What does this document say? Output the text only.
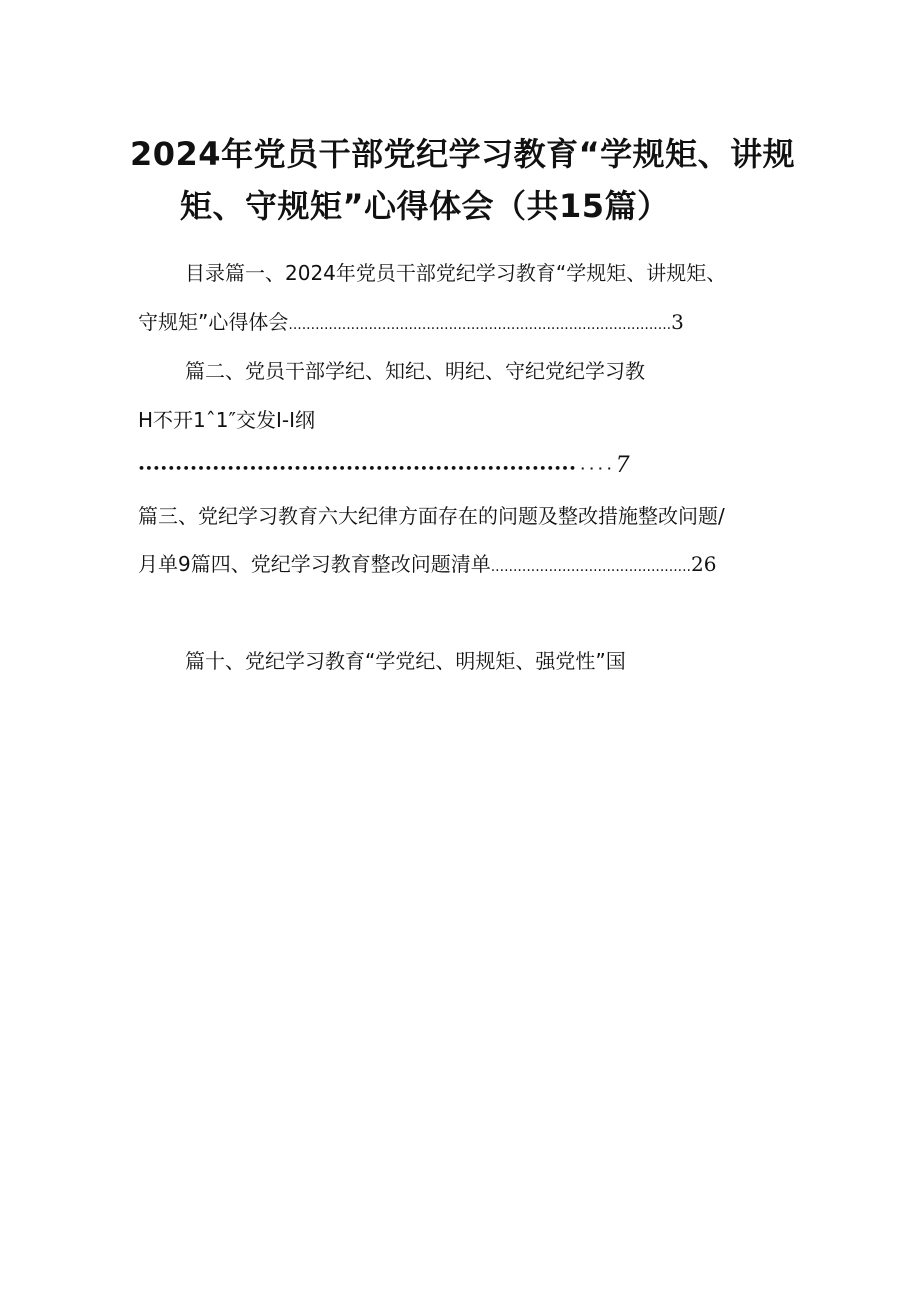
2024年党员干部党纪学习教育“学规矩、讲规
矩、守规矩”心得体会（共15篇）
目录篇一、2024年党员干部党纪学习教育“学规矩、讲规矩、
守规矩”心得体会......................................................................................3
篇二、党员干部学纪、知纪、明纪、守纪党纪学习教
H不开1ˆ1″交发I-I纲
••••••••••••••••••••••••••••••••••••••••••••••••••••••••••• · · · · 7
篇三、党纪学习教育六大纪律方面存在的问题及整改措施整改问题/
月单9篇四、党纪学习教育整改问题清单.............................................26
篇十、党纪学习教育“学党纪、明规矩、强党性”国
